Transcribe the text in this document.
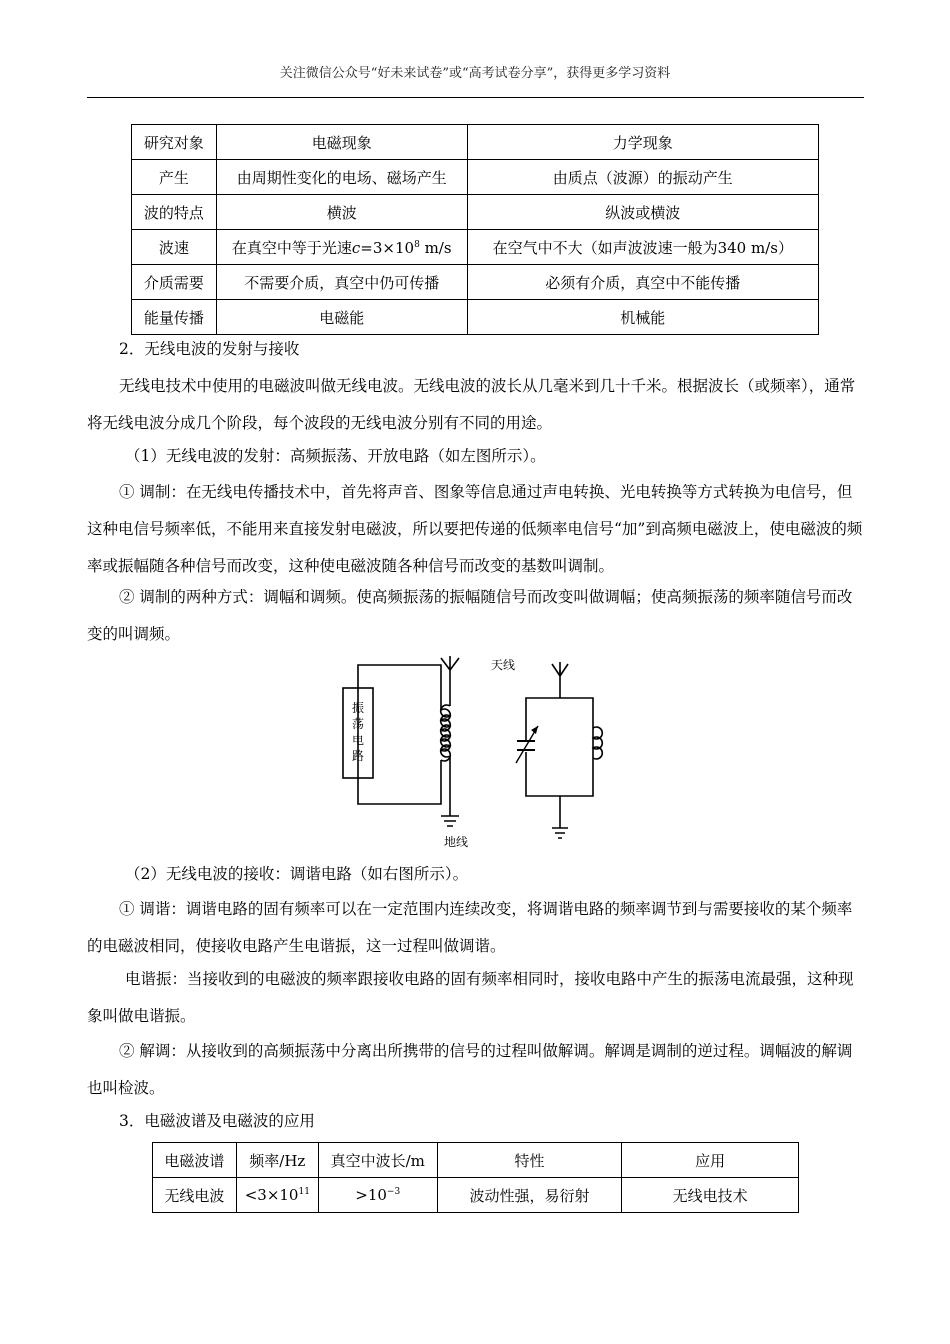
关注微信公众号“好未来试卷”或“高考试卷分享”，获得更多学习资料
研究对象	电磁现象	力学现象
产生	由周期性变化的电场、磁场产生	由质点（波源）的振动产生
波的特点	横波	纵波或横波
波速	在真空中等于光速$c=3\times 10^8$ m/s	在空气中不大（如声波波速一般为340 m/s）
介质需要	不需要介质，真空中仍可传播	必须有介质，真空中不能传播
能量传播	电磁能	机械能

2．无线电波的发射与接收

无线电技术中使用的电磁波叫做无线电波。无线电波的波长从几毫米到几十千米。根据波长（或频率），通常将无线电波分成几个阶段，每个波段的无线电波分别有不同的用途。

（1）无线电波的发射：高频振荡、开放电路（如左图所示）。

① 调制：在无线电传播技术中，首先将声音、图象等信息通过声电转换、光电转换等方式转换为电信号，但这种电信号频率低，不能用来直接发射电磁波，所以要把传递的低频率电信号“加”到高频电磁波上，使电磁波的频率或振幅随各种信号而改变，这种使电磁波随各种信号而改变的基数叫调制。

② 调制的两种方式：调幅和调频。使高频振荡的振幅随信号而改变叫做调幅；使高频振荡的频率随信号而改变的叫调频。

天线
地线
振
荡
电
路

（2）无线电波的接收：调谐电路（如右图所示）。

① 调谐：调谐电路的固有频率可以在一定范围内连续改变，将调谐电路的频率调节到与需要接收的某个频率的电磁波相同，使接收电路产生电谐振，这一过程叫做调谐。

电谐振：当接收到的电磁波的频率跟接收电路的固有频率相同时，接收电路中产生的振荡电流最强，这种现象叫做电谐振。

② 解调：从接收到的高频振荡中分离出所携带的信号的过程叫做解调。解调是调制的逆过程。调幅波的解调也叫检波。

3．电磁波谱及电磁波的应用

电磁波谱	频率/Hz	真空中波长/m	特性	应用
无线电波	$<3\times 10^{11}$	$>10^{-3}$	波动性强，易衍射	无线电技术
